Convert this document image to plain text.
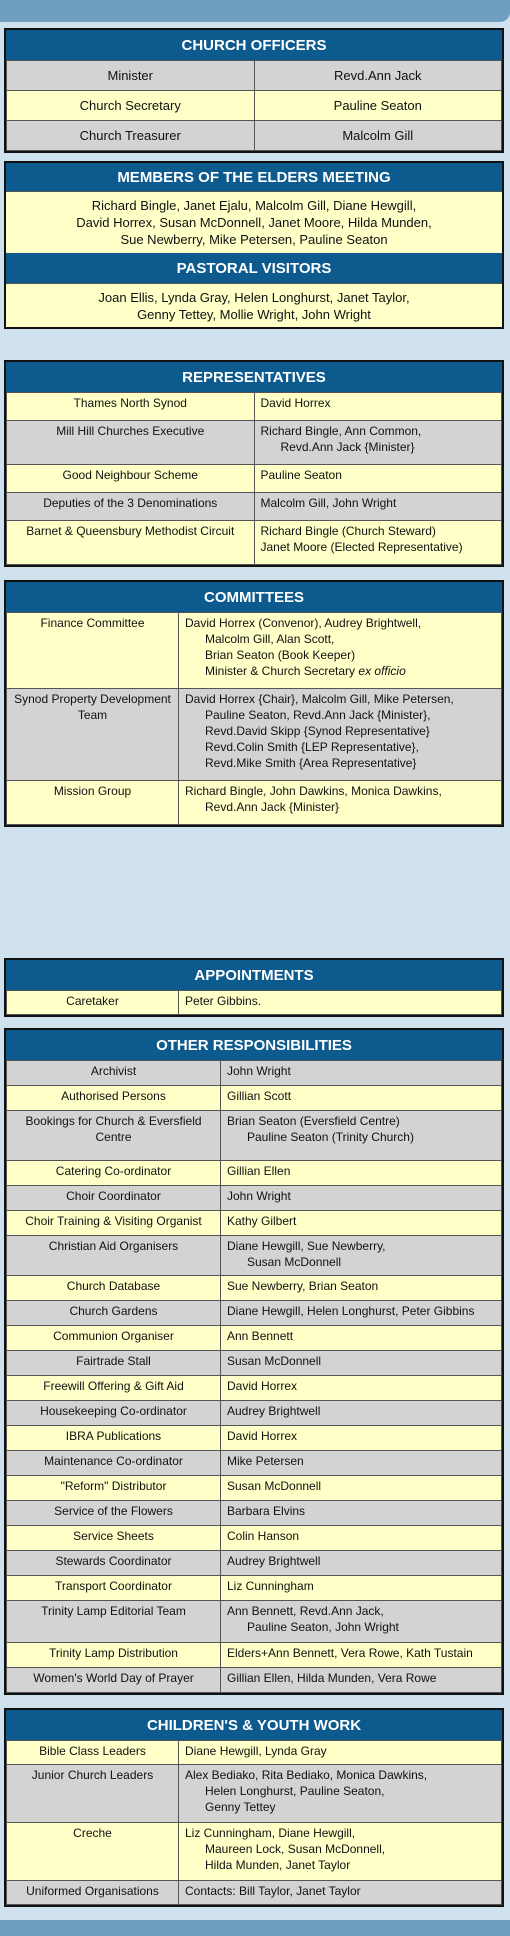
CHURCH OFFICERS
Minister	Revd.Ann Jack
Church Secretary	Pauline Seaton
Church Treasurer	Malcolm Gill
MEMBERS OF THE ELDERS MEETING
Richard Bingle, Janet Ejalu, Malcolm Gill, Diane Hewgill,
David Horrex, Susan McDonnell, Janet Moore, Hilda Munden,
Sue Newberry, Mike Petersen, Pauline Seaton
PASTORAL VISITORS
Joan Ellis, Lynda Gray, Helen Longhurst, Janet Taylor,
Genny Tettey, Mollie Wright, John Wright
REPRESENTATIVES
Thames North Synod	David Horrex
Mill Hill Churches Executive	Richard Bingle, Ann Common,
Revd.Ann Jack {Minister}

Good Neighbour Scheme	Pauline Seaton
Deputies of the 3 Denominations	Malcolm Gill, John Wright
Barnet & Queensbury Methodist Circuit	Richard Bingle (Church Steward)
Janet Moore (Elected Representative)
COMMITTEES
Finance Committee	David Horrex (Convenor), Audrey Brightwell,
Malcolm Gill, Alan Scott,
Brian Seaton (Book Keeper)
Minister & Church Secretary ex officio

Synod Property Development Team	David Horrex {Chair}, Malcolm Gill, Mike Petersen,
Pauline Seaton, Revd.Ann Jack {Minister},
Revd.David Skipp {Synod Representative}
Revd.Colin Smith {LEP Representative},
Revd.Mike Smith {Area Representative}

Mission Group	Richard Bingle, John Dawkins, Monica Dawkins,
Revd.Ann Jack {Minister}
APPOINTMENTS
Caretaker	Peter Gibbins.
OTHER RESPONSIBILITIES
Archivist	John Wright

Authorised Persons	Gillian Scott

Bookings for Church & Eversfield Centre	Brian Seaton (Eversfield Centre)
Pauline Seaton (Trinity Church)

Catering Co-ordinator	Gillian Ellen

Choir Coordinator	John Wright

Choir Training & Visiting Organist	Kathy Gilbert

Christian Aid Organisers	Diane Hewgill, Sue Newberry,
Susan McDonnell

Church Database	Sue Newberry, Brian Seaton

Church Gardens	Diane Hewgill, Helen Longhurst, Peter Gibbins

Communion Organiser	Ann Bennett

Fairtrade Stall	Susan McDonnell

Freewill Offering & Gift Aid	David Horrex

Housekeeping Co-ordinator	Audrey Brightwell

IBRA Publications	David Horrex

Maintenance Co-ordinator	Mike Petersen

"Reform" Distributor	Susan McDonnell

Service of the Flowers	Barbara Elvins

Service Sheets	Colin Hanson

Stewards Coordinator	Audrey Brightwell

Transport Coordinator	Liz Cunningham

Trinity Lamp Editorial Team	Ann Bennett, Revd.Ann Jack,
Pauline Seaton, John Wright

Trinity Lamp Distribution	Elders+Ann Bennett, Vera Rowe, Kath Tustain

Women's World Day of Prayer	Gillian Ellen, Hilda Munden, Vera Rowe
CHILDREN'S & YOUTH WORK
Bible Class Leaders	Diane Hewgill, Lynda Gray

Junior Church Leaders	Alex Bediako, Rita Bediako, Monica Dawkins,
Helen Longhurst, Pauline Seaton,
Genny Tettey

Creche	Liz Cunningham, Diane Hewgill,
Maureen Lock, Susan McDonnell,
Hilda Munden, Janet Taylor

Uniformed Organisations	Contacts: Bill Taylor, Janet Taylor
